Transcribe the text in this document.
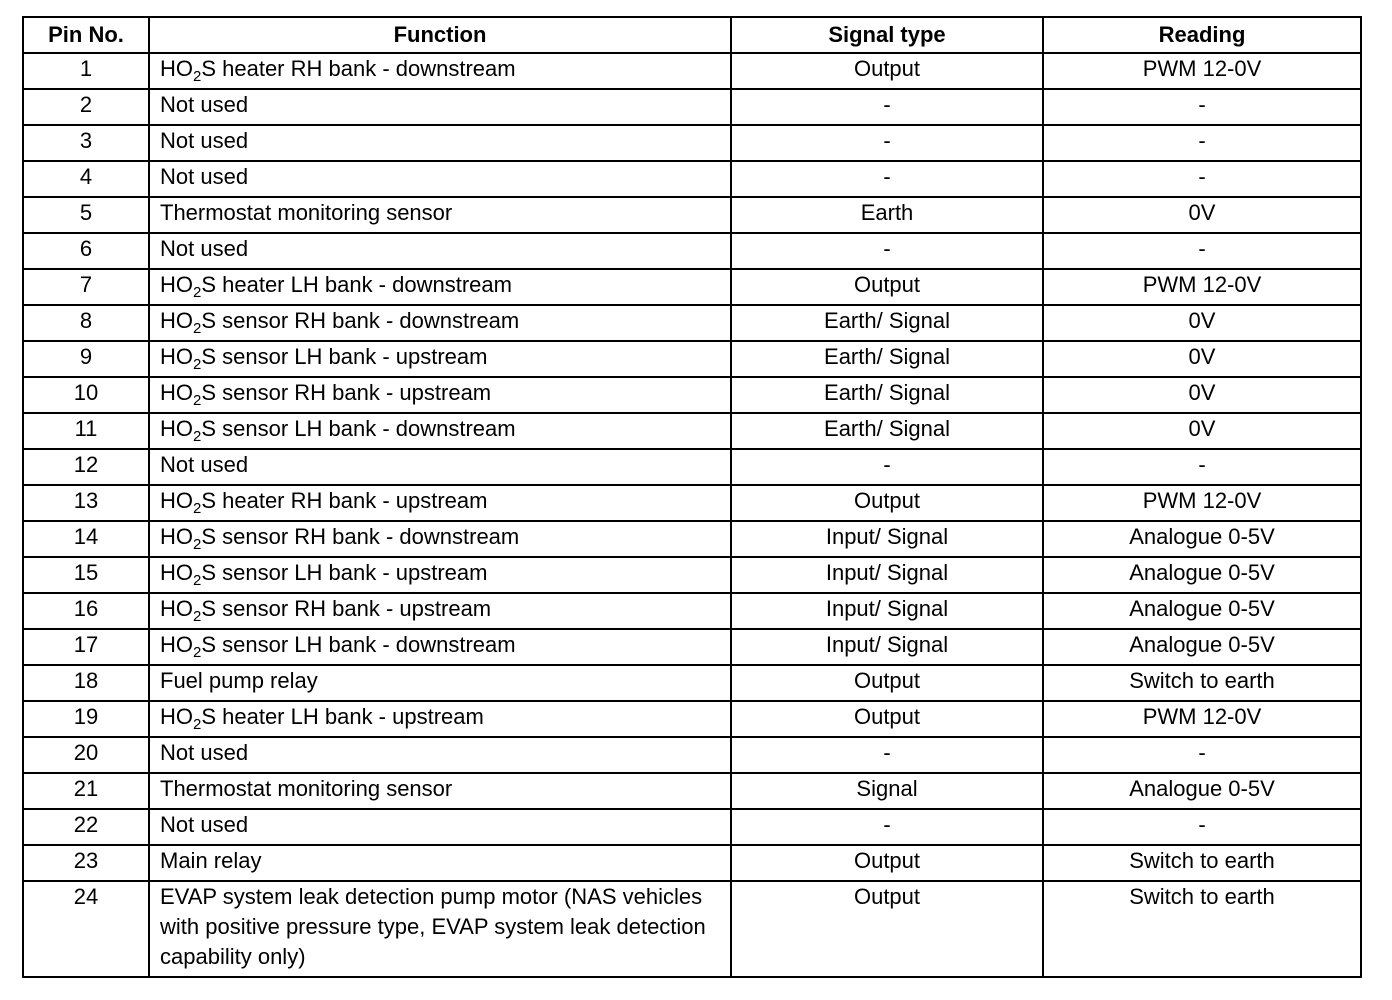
Pin No.	Function	Signal type	Reading
1	$HO_2S$ heater RH bank - downstream	Output	PWM 12-0V
2	Not used	-	-
3	Not used	-	-
4	Not used	-	-
5	Thermostat monitoring sensor	Earth	0V
6	Not used	-	-
7	$HO_2S$ heater LH bank - downstream	Output	PWM 12-0V
8	$HO_2S$ sensor RH bank - downstream	Earth/ Signal	0V
9	$HO_2S$ sensor LH bank - upstream	Earth/ Signal	0V
10	$HO_2S$ sensor RH bank - upstream	Earth/ Signal	0V
11	$HO_2S$ sensor LH bank - downstream	Earth/ Signal	0V
12	Not used	-	-
13	$HO_2S$ heater RH bank - upstream	Output	PWM 12-0V
14	$HO_2S$ sensor RH bank - downstream	Input/ Signal	Analogue 0-5V
15	$HO_2S$ sensor LH bank - upstream	Input/ Signal	Analogue 0-5V
16	$HO_2S$ sensor RH bank - upstream	Input/ Signal	Analogue 0-5V
17	$HO_2S$ sensor LH bank - downstream	Input/ Signal	Analogue 0-5V
18	Fuel pump relay	Output	Switch to earth
19	$HO_2S$ heater LH bank - upstream	Output	PWM 12-0V
20	Not used	-	-
21	Thermostat monitoring sensor	Signal	Analogue 0-5V
22	Not used	-	-
23	Main relay	Output	Switch to earth
24	EVAP system leak detection pump motor (NAS vehicles with positive pressure type, EVAP system leak detection capability only)	Output	Switch to earth
